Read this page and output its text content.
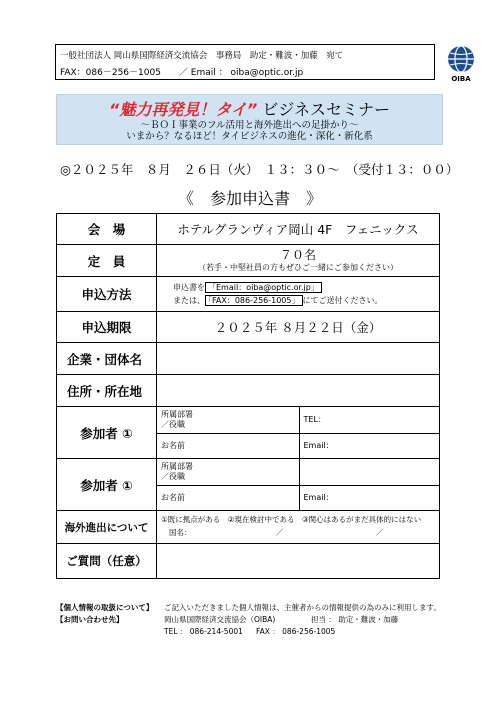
一般社団法人 岡山県国際経済交流協会　事務局　助定・難波・加藤　宛て
FAX：086－256－1005 ／ Email ： oiba@optic.or.jp
OIBA
“魅力再発見！タイ” ビジネスセミナー
～ＢＯＩ事業のフル活用と海外進出への足掛かり～
いまから？なるほど！タイビジネスの進化・深化・新化系
◎２０２５年　８月　２６日（火）　１３：３０～　（受付１３：００）
《　参加申込書　》
会　場	ホテルグランヴィア岡山 4F　フェニックス
定　員	７０名
（若手・中堅社員の方もぜひご一緒にご参加ください）

申込方法	申込書を 「Email：oiba@optic.or.jp」
または、 「FAX：086-256-1005」 にてご送付ください。

申込期限	２０２５年 ８月２２日（金）
企業・団体名	
住所・所在地	
参加者 ①	
所属部署
／役職	TEL：
お名前	Email：

参加者 ①	
所属部署
／役職	
お名前	Email：

海外進出について	
①既に拠点がある　②現在検討中である　③関心はあるがまだ具体的にはない
国名：	／	／

ご質問（任意）	
【個人情報の取扱について】 ご記入いただきました個人情報は、主催者からの情報提供の為のみに利用します。
【お問い合わせ先】	岡山県国際経済交流協会（OIBA)	担当 ： 助定・難波・加藤
TEL ： 086-214-5001 FAX ： 086-256-1005
